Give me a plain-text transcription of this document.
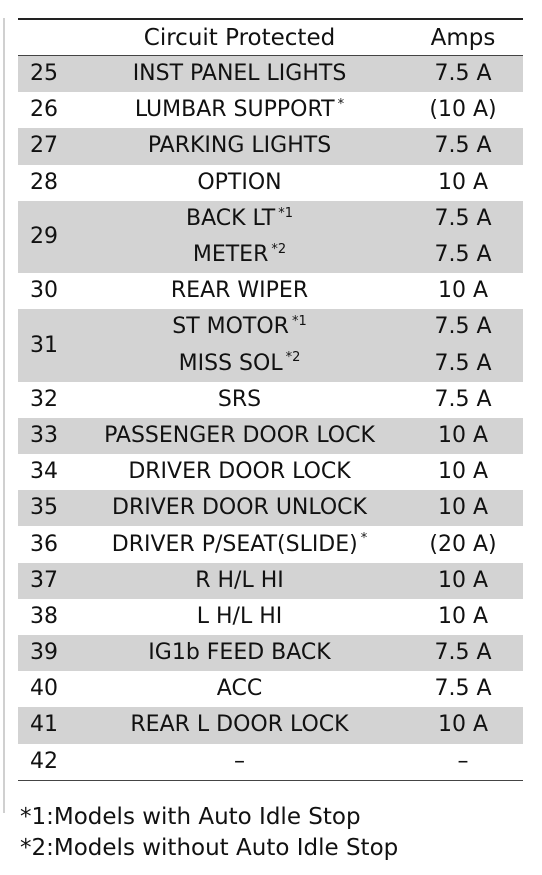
	Circuit Protected	Amps
25	INST PANEL LIGHTS	7.5 A
26	LUMBAR SUPPORT *	(10 A)
27	PARKING LIGHTS	7.5 A
28	OPTION	10 A
29	BACK LT $^{*1}$	7.5 A
	METER $^{*2}$	7.5 A
30	REAR WIPER	10 A
31	ST MOTOR $^{*1}$	7.5 A
	MISS SOL $^{*2}$	7.5 A
32	SRS	7.5 A
33	PASSENGER DOOR LOCK	10 A
34	DRIVER DOOR LOCK	10 A
35	DRIVER DOOR UNLOCK	10 A
36	DRIVER P/SEAT(SLIDE) *	(20 A)
37	R H/L HI	10 A
38	L H/L HI	10 A
39	IG1b FEED BACK	7.5 A
40	ACC	7.5 A
41	REAR L DOOR LOCK	10 A
42	–	–
*1:Models with Auto Idle Stop
*2:Models without Auto Idle Stop
